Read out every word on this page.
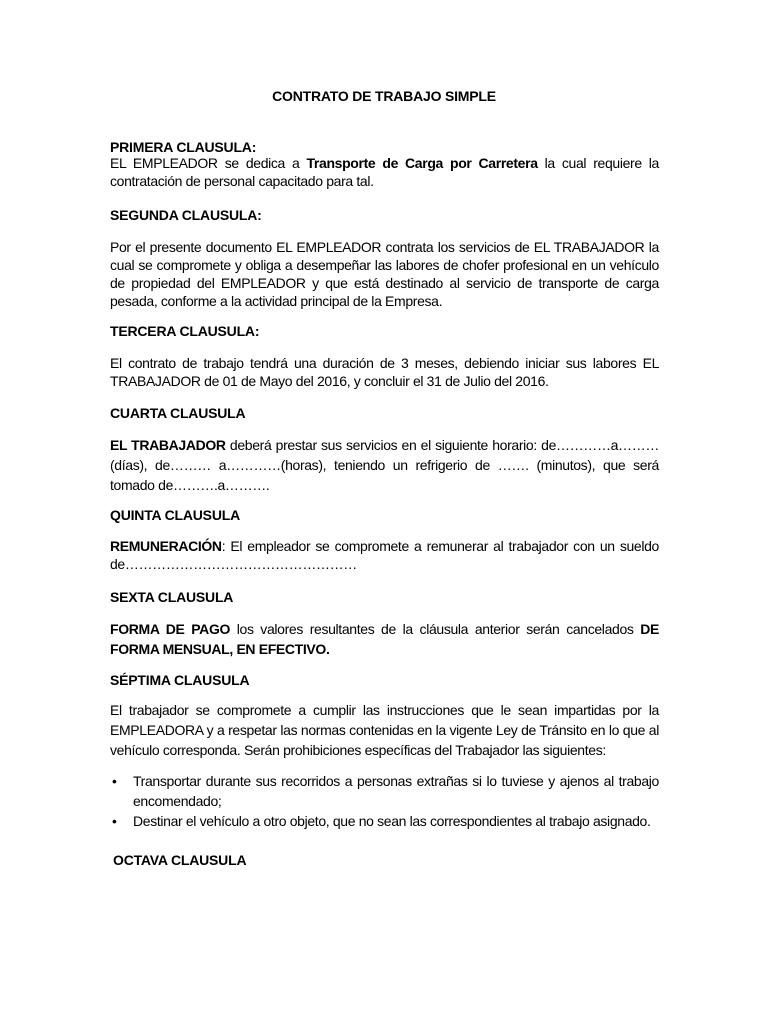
CONTRATO DE TRABAJO SIMPLE
PRIMERA CLAUSULA:
EL EMPLEADOR se dedica a Transporte de Carga por Carretera la cual requiere la contratación de personal capacitado para tal.
SEGUNDA CLAUSULA:
Por el presente documento EL EMPLEADOR contrata los servicios de EL TRABAJADOR la cual se compromete y obliga a desempeñar las labores de chofer profesional en un vehículo de propiedad del EMPLEADOR y que está destinado al servicio de transporte de carga pesada, conforme a la actividad principal de la Empresa.
TERCERA CLAUSULA:
El contrato de trabajo tendrá una duración de 3 meses, debiendo iniciar sus labores EL TRABAJADOR de 01 de Mayo del 2016, y concluir el 31 de Julio del 2016.
CUARTA CLAUSULA
EL TRABAJADOR deberá prestar sus servicios en el siguiente horario: de…………a……… (días), de……… a…………(horas), teniendo un refrigerio de ……. (minutos), que será tomado de……….a……….
QUINTA CLAUSULA
REMUNERACIÓN: El empleador se compromete a remunerar al trabajador con un sueldo de……………………………………………
SEXTA CLAUSULA
FORMA DE PAGO los valores resultantes de la cláusula anterior serán cancelados DE FORMA MENSUAL, EN EFECTIVO.
SÉPTIMA CLAUSULA
El trabajador se compromete a cumplir las instrucciones que le sean impartidas por la EMPLEADORA y a respetar las normas contenidas en la vigente Ley de Tránsito en lo que al vehículo corresponda. Serán prohibiciones específicas del Trabajador las siguientes:
• Transportar durante sus recorridos a personas extrañas si lo tuviese y ajenos al trabajo encomendado;
• Destinar el vehículo a otro objeto, que no sean las correspondientes al trabajo asignado.
OCTAVA CLAUSULA
